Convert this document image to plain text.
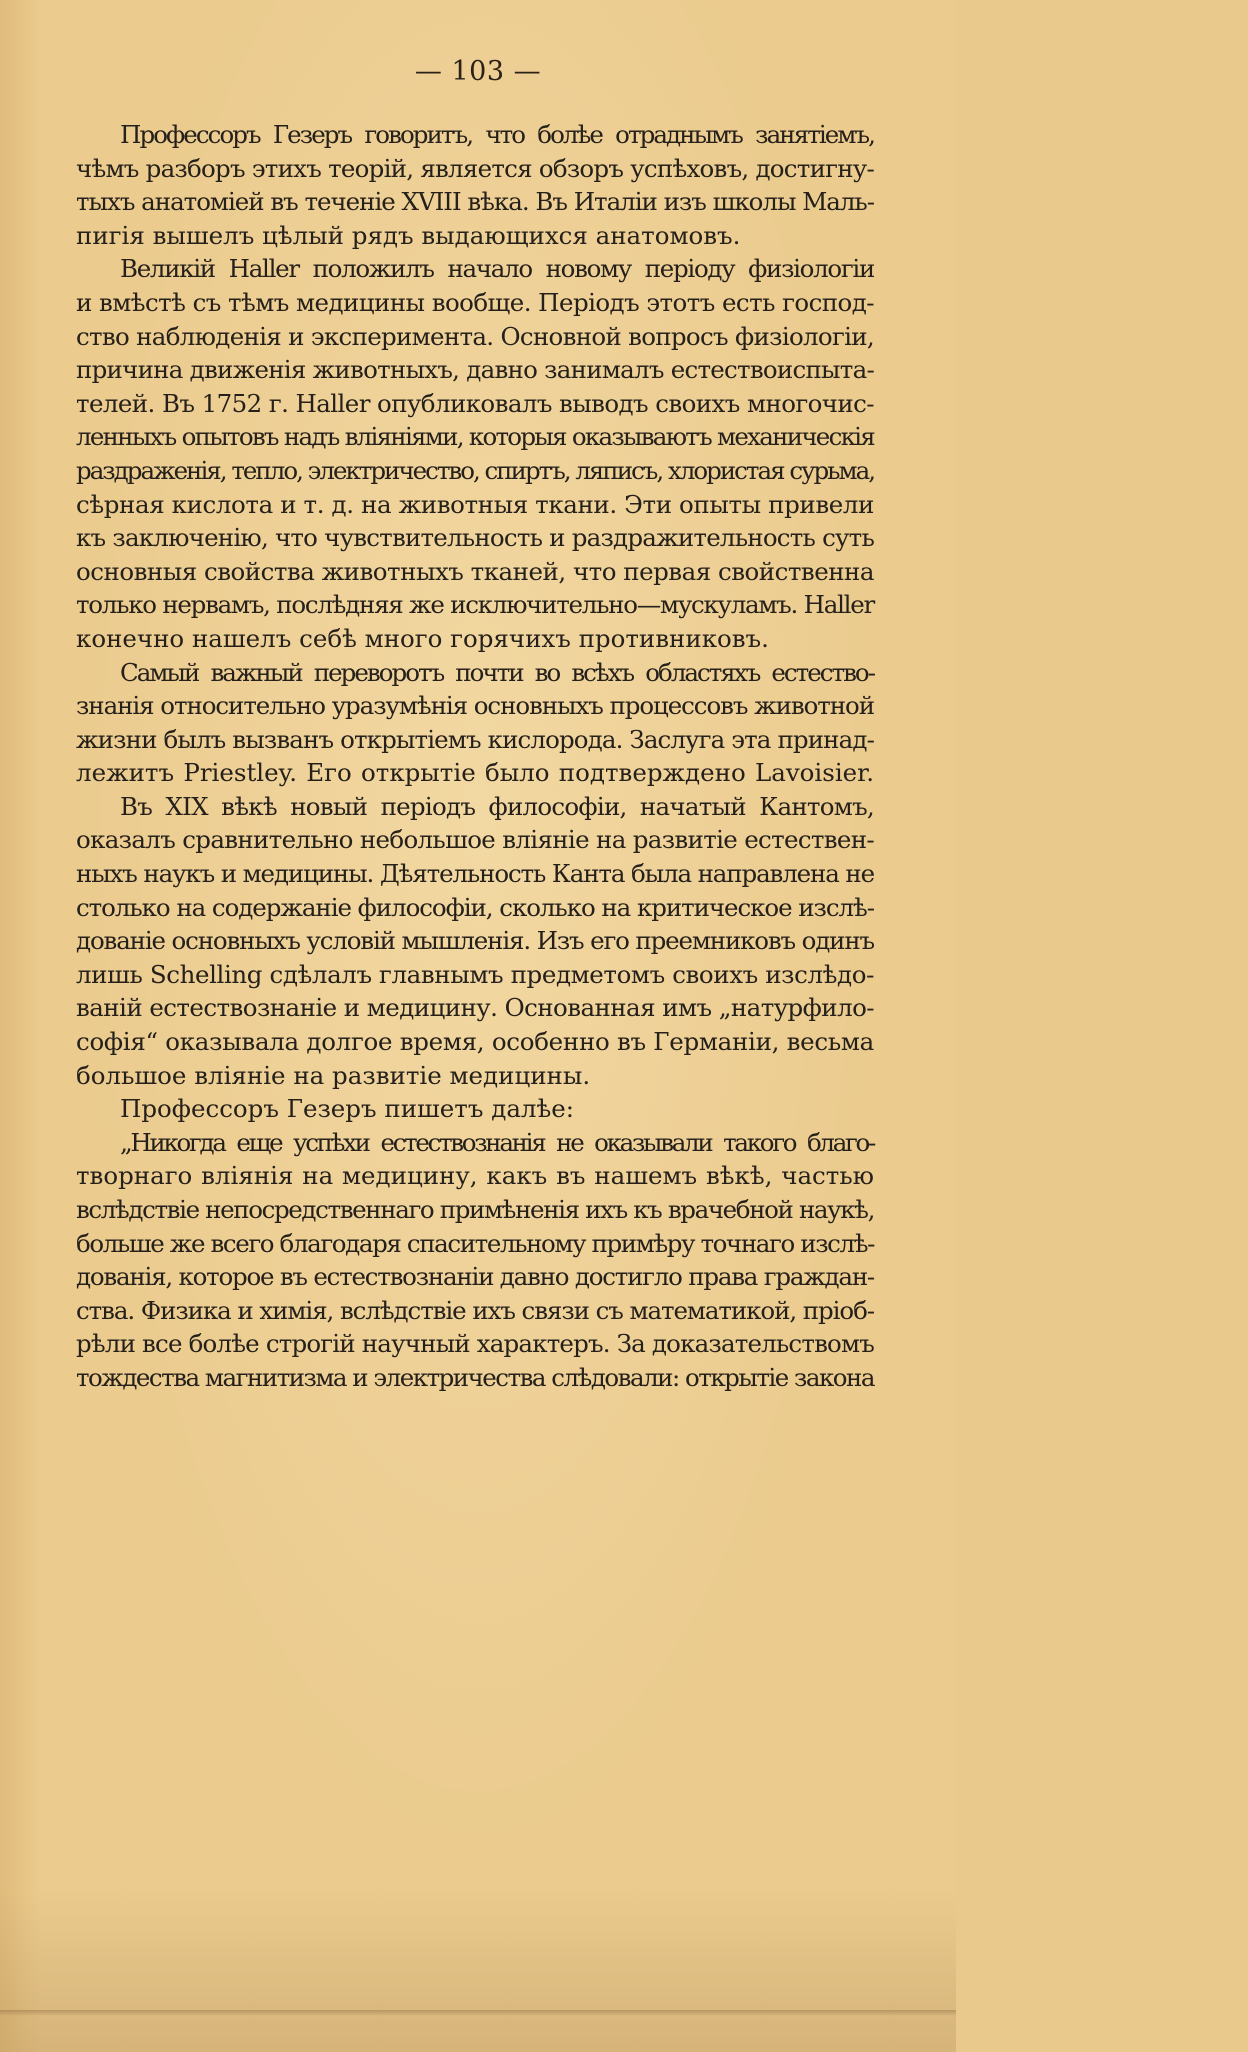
— 103 —
Профессоръ Гезеръ говоритъ, что болѣе отраднымъ занятіемъ,
чѣмъ разборъ этихъ теорій, является обзоръ успѣховъ, достигну-
тыхъ анатоміей въ теченіе XVIII вѣка. Въ Италіи изъ школы Маль-
пигія вышелъ цѣлый рядъ выдающихся анатомовъ.
Великій Haller положилъ начало новому періоду физіологіи
и вмѣстѣ съ тѣмъ медицины вообще. Періодъ этотъ есть господ-
ство наблюденія и эксперимента. Основной вопросъ физіологіи,
причина движенія животныхъ, давно занималъ естествоиспыта-
телей. Въ 1752 г. Haller опубликовалъ выводъ своихъ многочис-
ленныхъ опытовъ надъ вліяніями, которыя оказываютъ механическія
раздраженія, тепло, электричество, спиртъ, ляписъ, хлористая сурьма,
сѣрная кислота и т. д. на животныя ткани. Эти опыты привели
къ заключенію, что чувствительность и раздражительность суть
основныя свойства животныхъ тканей, что первая свойственна
только нервамъ, послѣдняя же исключительно—мускуламъ. Haller
конечно нашелъ себѣ много горячихъ противниковъ.
Самый важный переворотъ почти во всѣхъ областяхъ естество-
знанія относительно уразумѣнія основныхъ процессовъ животной
жизни былъ вызванъ открытіемъ кислорода. Заслуга эта принад-
лежитъ Priestley. Его открытіе было подтверждено Lavoisier.
Въ XIX вѣкѣ новый періодъ философіи, начатый Кантомъ,
оказалъ сравнительно небольшое вліяніе на развитіе естествен-
ныхъ наукъ и медицины. Дѣятельность Канта была направлена не
столько на содержаніе философіи, сколько на критическое изслѣ-
дованіе основныхъ условій мышленія. Изъ его преемниковъ одинъ
лишь Schelling сдѣлалъ главнымъ предметомъ своихъ изслѣдо-
ваній естествознаніе и медицину. Основанная имъ „натурфило-
софія“ оказывала долгое время, особенно въ Германіи, весьма
большое вліяніе на развитіе медицины.
Профессоръ Гезеръ пишетъ далѣе:
„Никогда еще успѣхи естествознанія не оказывали такого благо-
творнаго вліянія на медицину, какъ въ нашемъ вѣкѣ, частью
вслѣдствіе непосредственнаго примѣненія ихъ къ врачебной наукѣ,
больше же всего благодаря спасительному примѣру точнаго изслѣ-
дованія, которое въ естествознаніи давно достигло права граждан-
ства. Физика и химія, вслѣдствіе ихъ связи съ математикой, пріоб-
рѣли все болѣе строгій научный характеръ. За доказательствомъ
тождества магнитизма и электричества слѣдовали: открытіе закона
